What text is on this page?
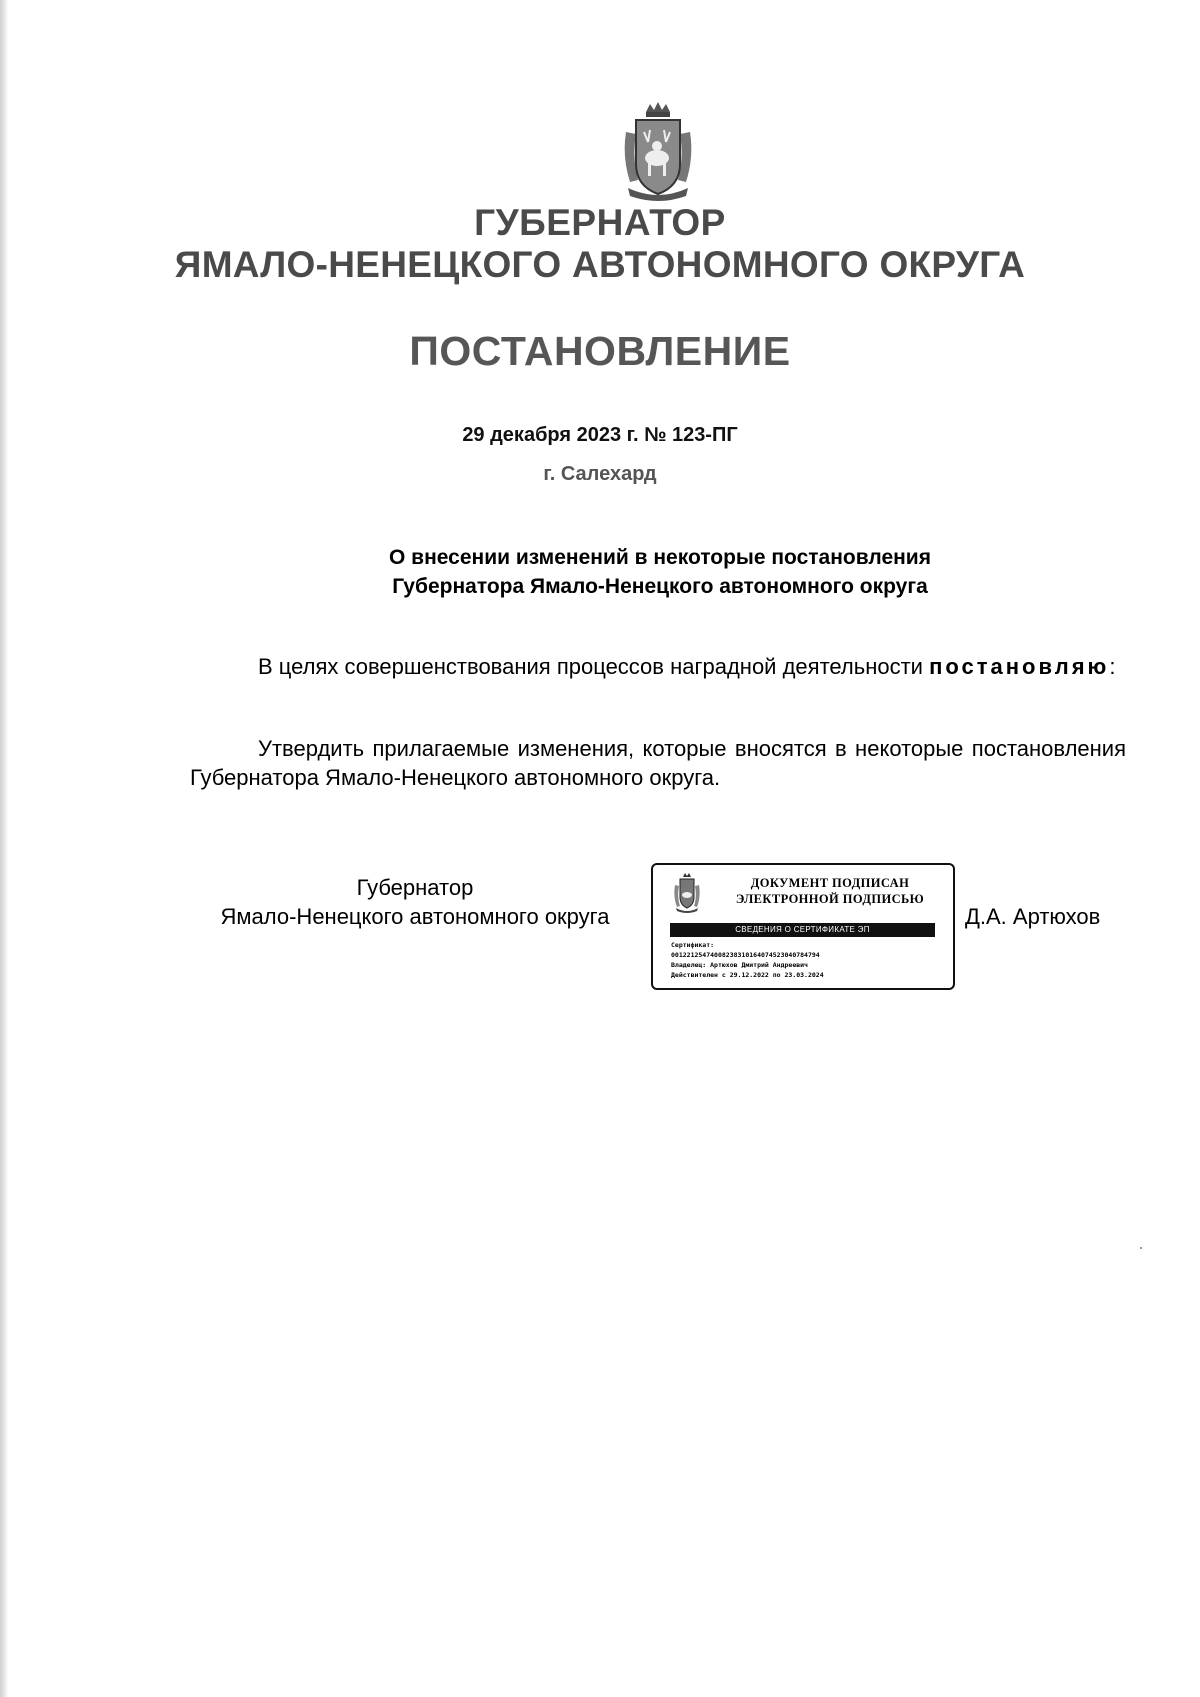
ГУБЕРНАТОР
ЯМАЛО-НЕНЕЦКОГО АВТОНОМНОГО ОКРУГА
ПОСТАНОВЛЕНИЕ
29 декабря 2023 г. № 123-ПГ
г. Салехард
О внесении изменений в некоторые постановления
Губернатора Ямало-Ненецкого автономного округа
В целях совершенствования процессов наградной деятельности постановляю:
Утвердить прилагаемые изменения, которые вносятся в некоторые постановления Губернатора Ямало-Ненецкого автономного округа.
Губернатор
Ямало-Ненецкого автономного округа
ДОКУМЕНТ ПОДПИСАН
ЭЛЕКТРОННОЙ ПОДПИСЬЮ
СВЕДЕНИЯ О СЕРТИФИКАТЕ ЭП
Сертификат:
00122125474008238310164074523040784794
Владелец: Артюхов Дмитрий Андреевич
Действителен с 29.12.2022 по 23.03.2024
Д.А. Артюхов
